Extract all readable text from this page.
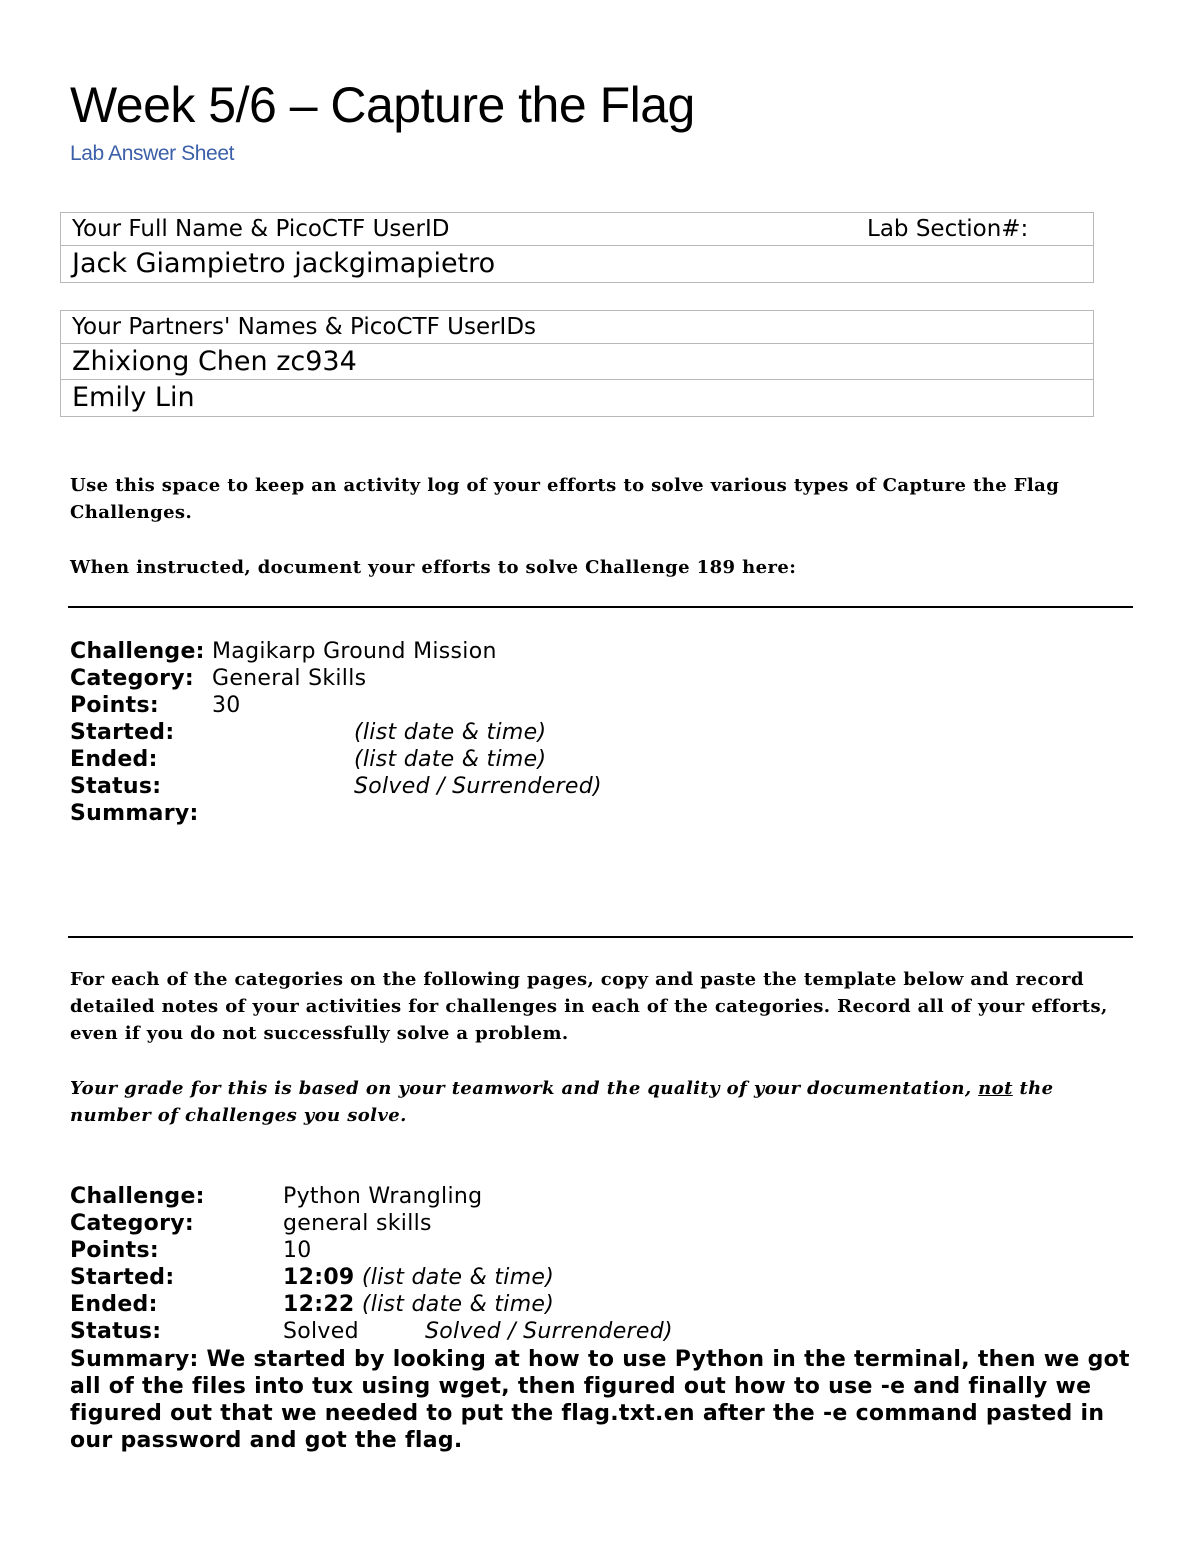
Week 5/6 – Capture the Flag
Lab Answer Sheet
Your Full Name & PicoCTF UserID	Lab Section#:
Jack Giampietro jackgimapietro
Your Partners' Names & PicoCTF UserIDs
Zhixiong Chen zc934
Emily Lin
Use this space to keep an activity log of your efforts to solve various types of Capture the Flag Challenges.
When instructed, document your efforts to solve Challenge 189 here:
Challenge: Magikarp Ground Mission
Category: General Skills
Points: 30
Started:	(list date & time)
Ended:	(list date & time)
Status:	Solved / Surrendered)
Summary:
For each of the categories on the following pages, copy and paste the template below and record detailed notes of your activities for challenges in each of the categories. Record all of your efforts, even if you do not successfully solve a problem.
Your grade for this is based on your teamwork and the quality of your documentation, not the number of challenges you solve.
Challenge:	Python Wrangling
Category:	general skills
Points:	10
Started:	12:09 (list date & time)
Ended:	12:22 (list date & time)
Status:	Solved	Solved / Surrendered)
Summary: We started by looking at how to use Python in the terminal, then we got all of the files into tux using wget, then figured out how to use -e and finally we figured out that we needed to put the flag.txt.en after the -e command pasted in our password and got the flag.
